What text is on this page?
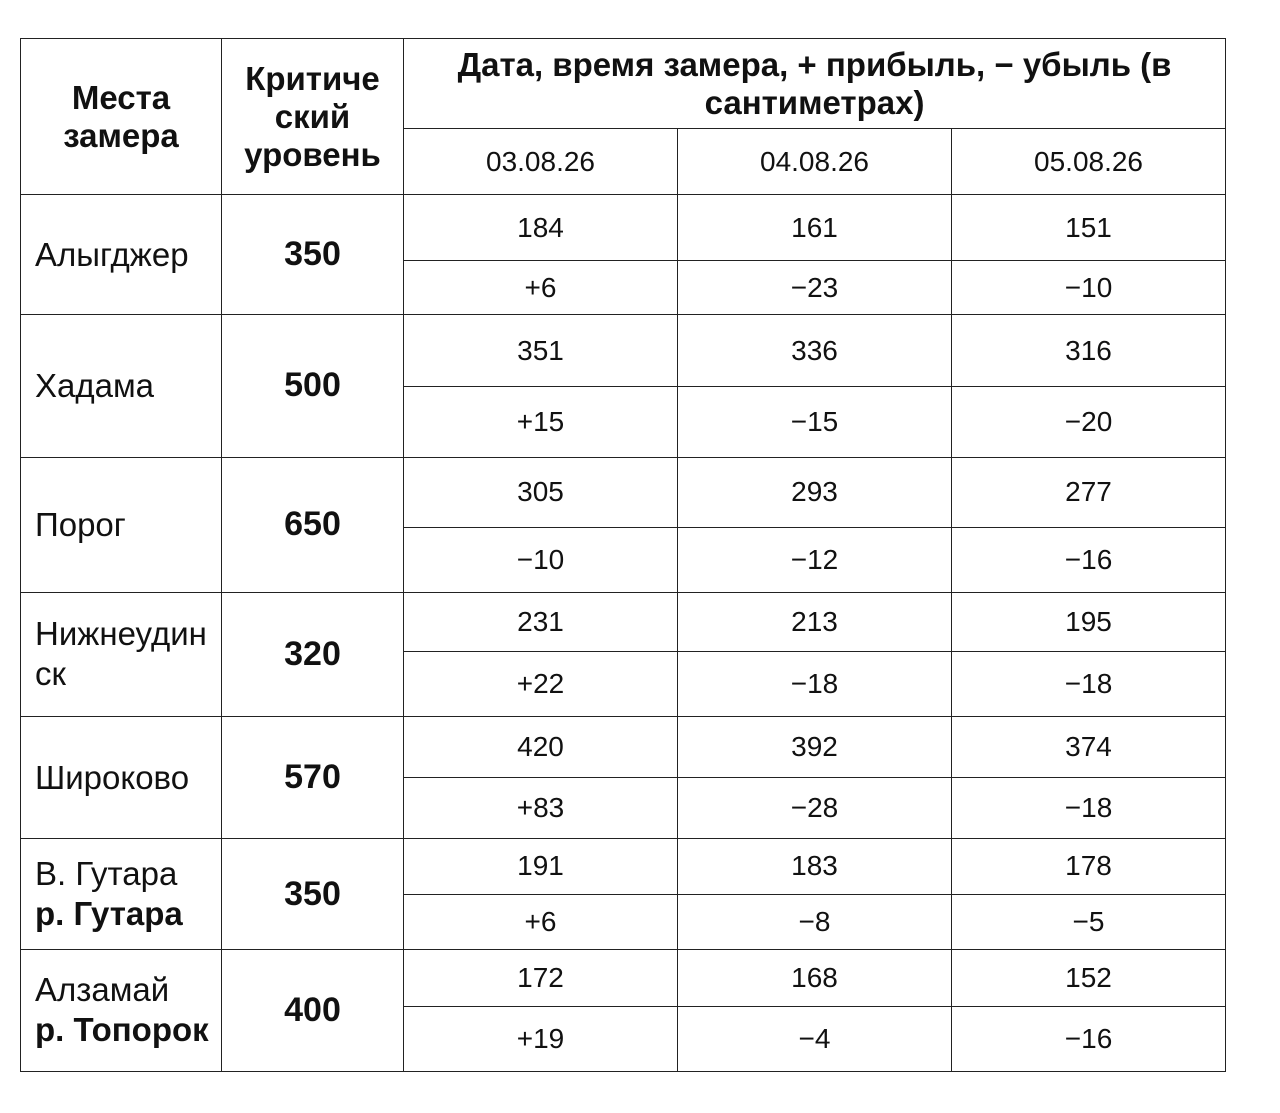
Места замера	Критиче ский уровень	Дата, время замера, + прибыль, − убыль (в сантиметрах)		
		03.08.26	04.08.26	05.08.26

Алыгджер	350	184	161	151
		+6	−23	−10

Хадама	500	351	336	316
		+15	−15	−20

Порог	650	305	293	277
		−10	−12	−16

Нижнеудинск	320	231	213	195
		+22	−18	−18

Широково	570	420	392	374
		+83	−28	−18

В. Гутара
р. Гутара	350	191	183	178
		+6	−8	−5

Алзамай
р. Топорок	400	172	168	152
		+19	−4	−16
